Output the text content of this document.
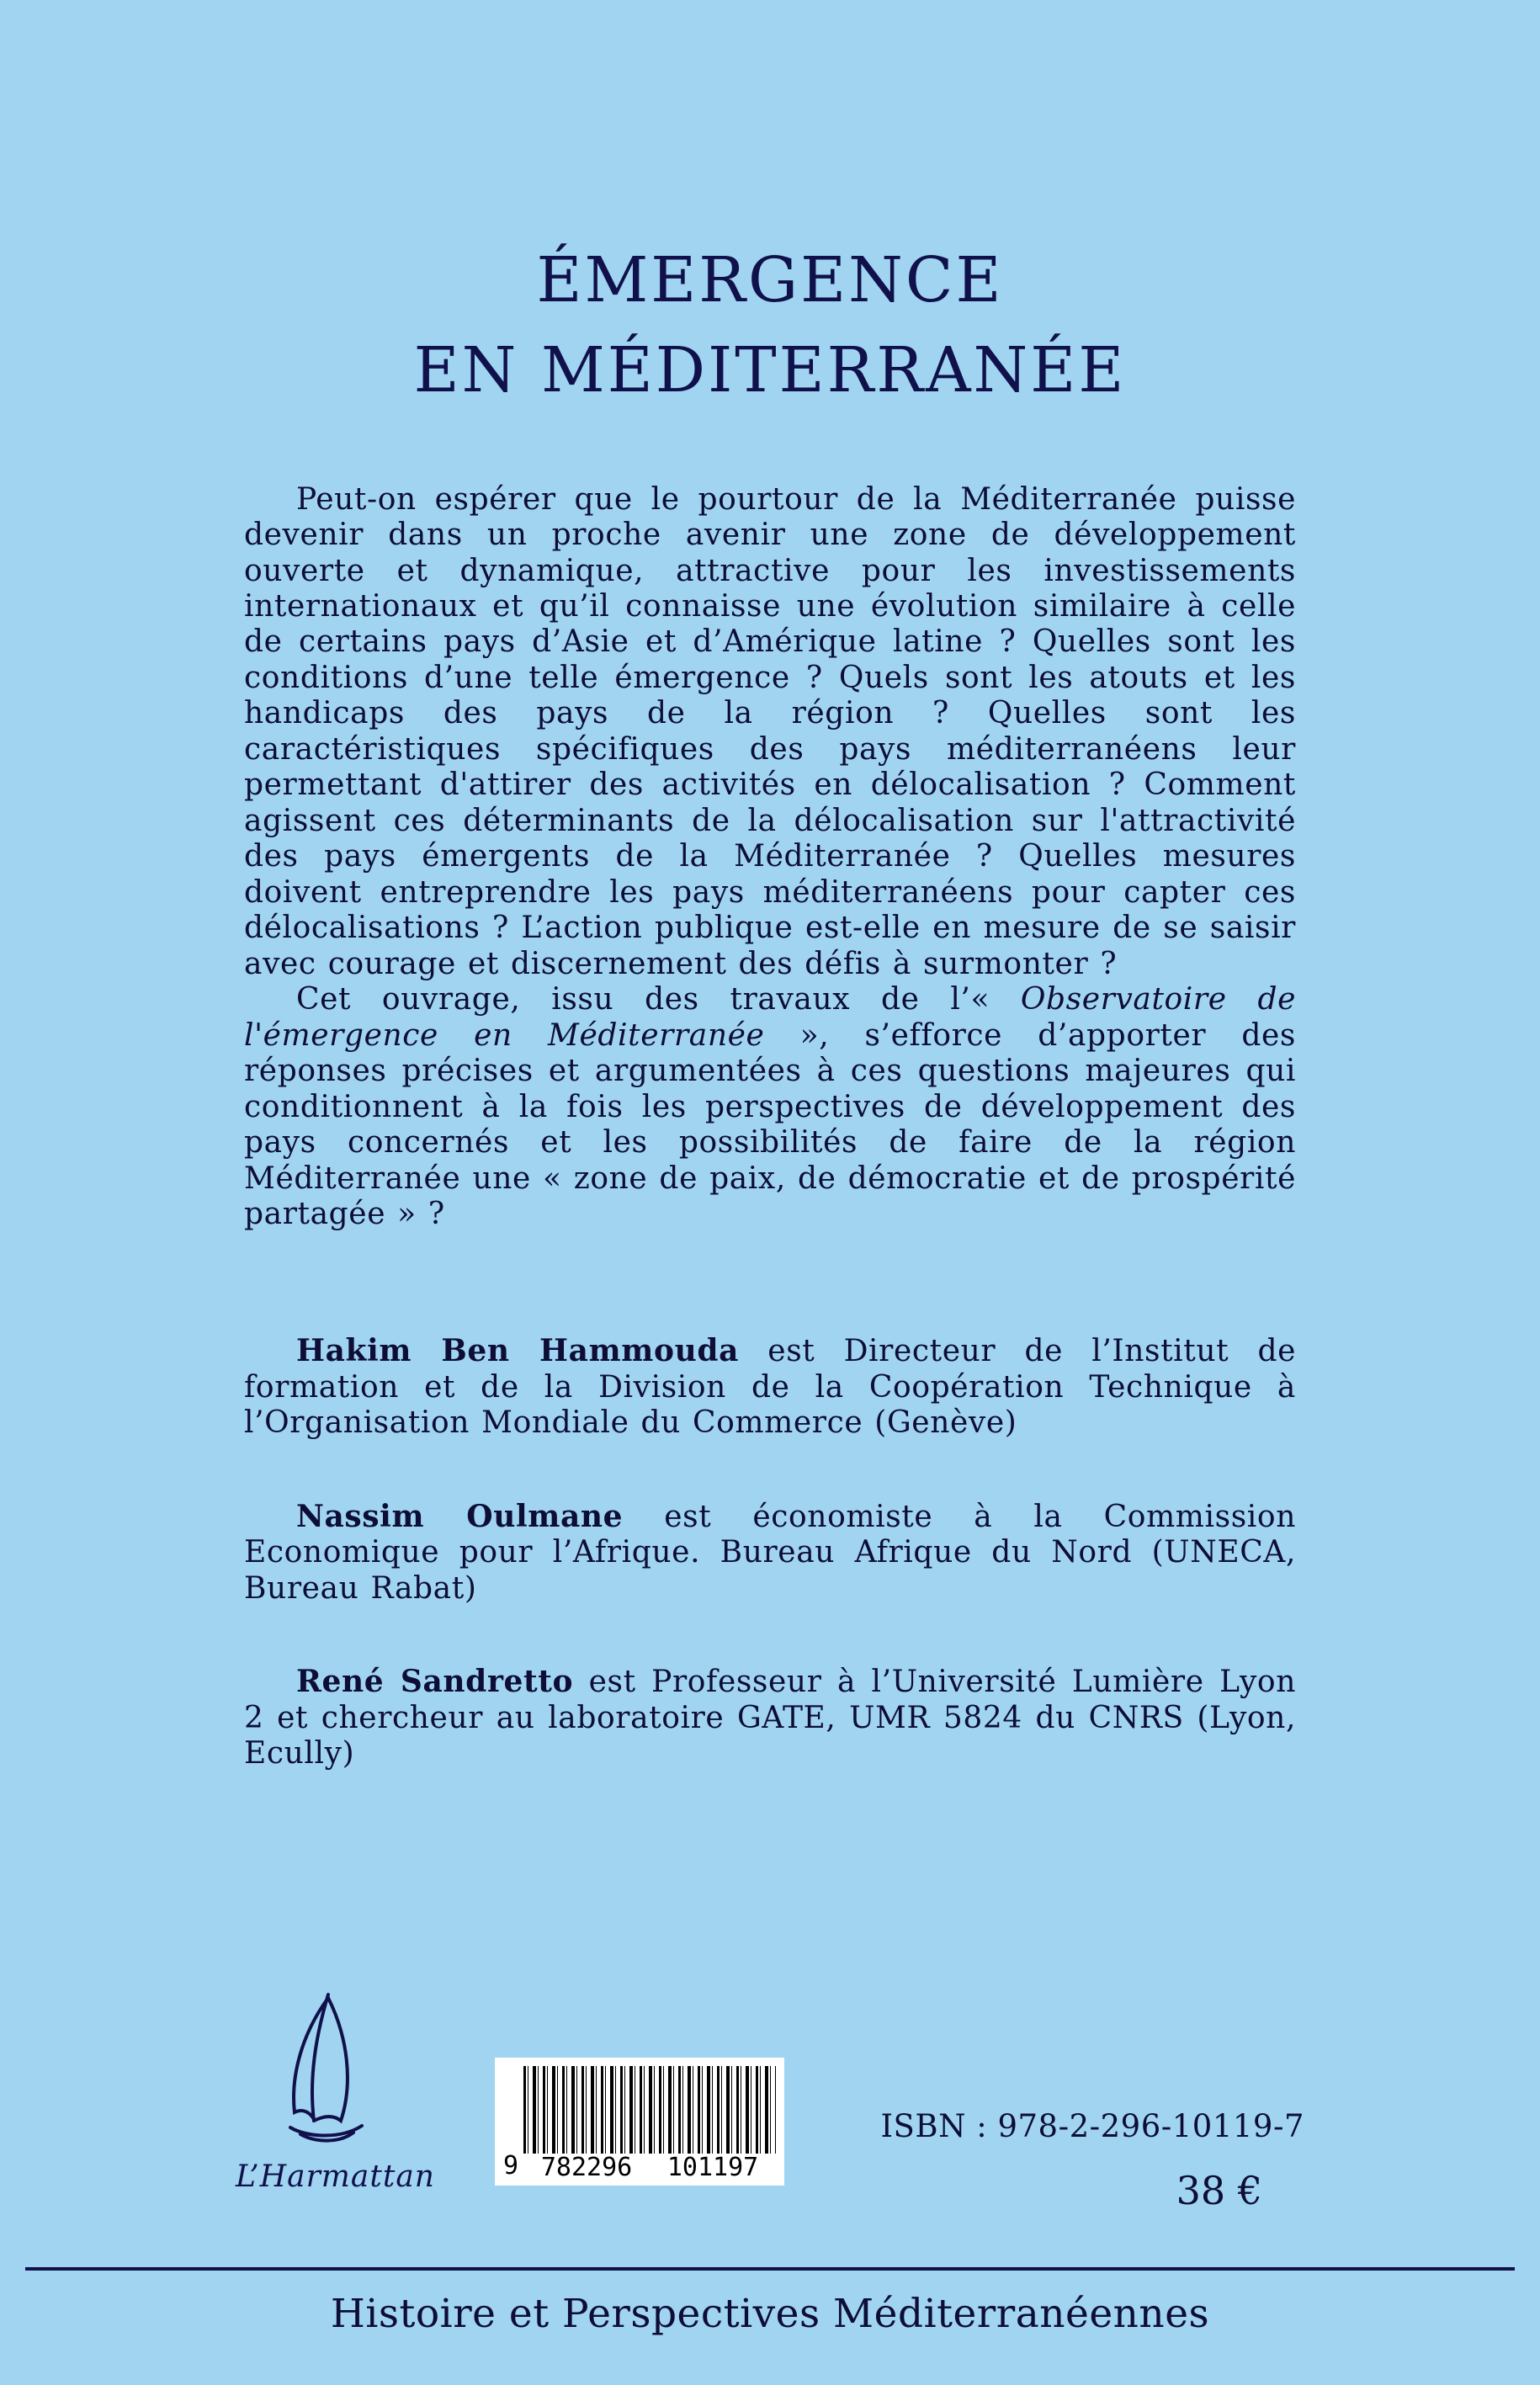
ÉMERGENCE
EN MÉDITERRANÉE

Peut-on espérer que le pourtour de la Méditerranée puisse devenir dans un proche avenir une zone de développement ouverte et dynamique, attractive pour les investissements internationaux et qu’il connaisse une évolution similaire à celle de certains pays d’Asie et d’Amérique latine ? Quelles sont les conditions d’une telle émergence ? Quels sont les atouts et les handicaps des pays de la région ? Quelles sont les caractéristiques spécifiques des pays méditerranéens leur permettant d'attirer des activités en délocalisation ? Comment agissent ces déterminants de la délocalisation sur l'attractivité des pays émergents de la Méditerranée ? Quelles mesures doivent entreprendre les pays méditerranéens pour capter ces délocalisations ? L’action publique est-elle en mesure de se saisir avec courage et discernement des défis à surmonter ?

Cet ouvrage, issu des travaux de l’« Observatoire de l'émergence en Méditerranée », s’efforce d’apporter des réponses précises et argumentées à ces questions majeures qui conditionnent à la fois les perspectives de développement des pays concernés et les possibilités de faire de la région Méditerranée une « zone de paix, de démocratie et de prospérité partagée » ?

Hakim Ben Hammouda est Directeur de l’Institut de formation et de la Division de la Coopération Technique à l’Organisation Mondiale du Commerce (Genève)

Nassim Oulmane est économiste à la Commission Economique pour l’Afrique. Bureau Afrique du Nord (UNECA, Bureau Rabat)

René Sandretto est Professeur à l’Université Lumière Lyon 2 et chercheur au laboratoire GATE, UMR 5824 du CNRS (Lyon, Ecully)

L’Harmattan	9 782296 101197
ISBN : 978-2-296-10119-7
38 €
Histoire et Perspectives Méditerranéennes
